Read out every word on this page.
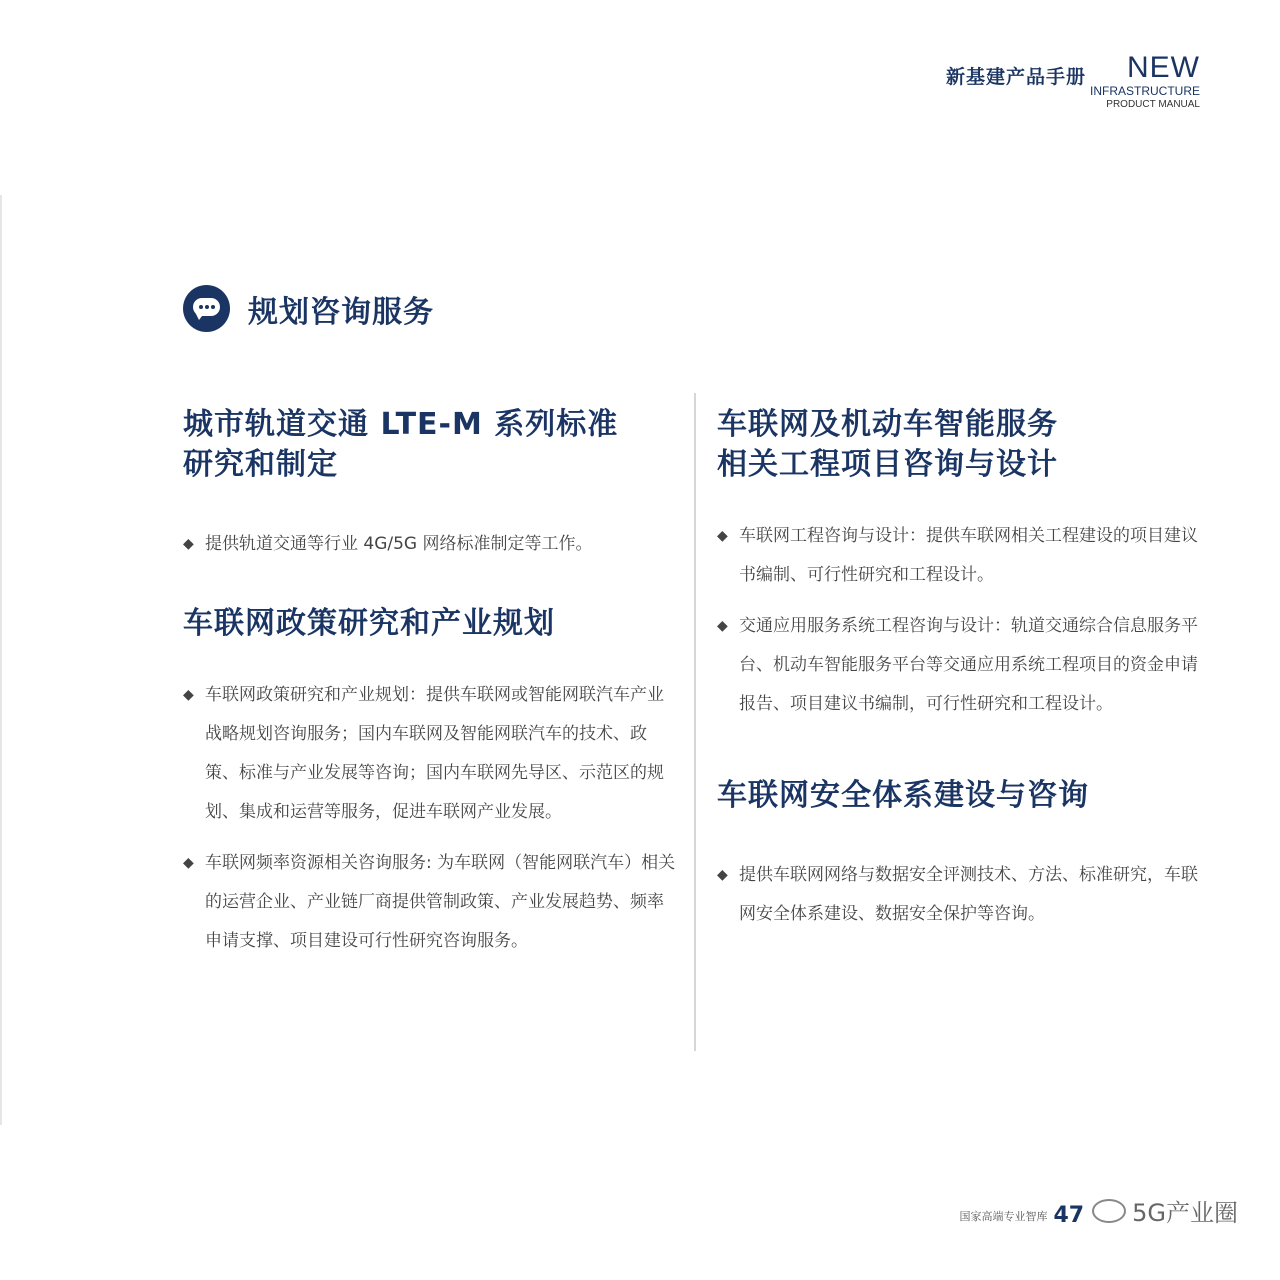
新基建产品手册 NEW
INFRASTRUCTURE
PRODUCT MANUAL
规划咨询服务
城市轨道交通 LTE-M 系列标准
研究和制定

◆ 提供轨道交通等行业 4G/5G 网络标准制定等工作。

车联网政策研究和产业规划

◆ 车联网政策研究和产业规划：提供车联网或智能网联汽车产业战略规划咨询服务；国内车联网及智能网联汽车的技术、政　策、标准与产业发展等咨询；国内车联网先导区、示范区的规划、集成和运营等服务，促进车联网产业发展。

◆ 车联网频率资源相关咨询服务: 为车联网（智能网联汽车）相关的运营企业、产业链厂商提供管制政策、产业发展趋势、频率申请支撑、项目建设可行性研究咨询服务。

车联网及机动车智能服务
相关工程项目咨询与设计

◆ 车联网工程咨询与设计：提供车联网相关工程建设的项目建议书编制、可行性研究和工程设计。

◆ 交通应用服务系统工程咨询与设计：轨道交通综合信息服务平台、机动车智能服务平台等交通应用系统工程项目的资金申请报告、项目建议书编制，可行性研究和工程设计。

车联网安全体系建设与咨询

◆ 提供车联网网络与数据安全评测技术、方法、标准研究，车联网安全体系建设、数据安全保护等咨询。

国家高端专业智库 47 5G产业圈
